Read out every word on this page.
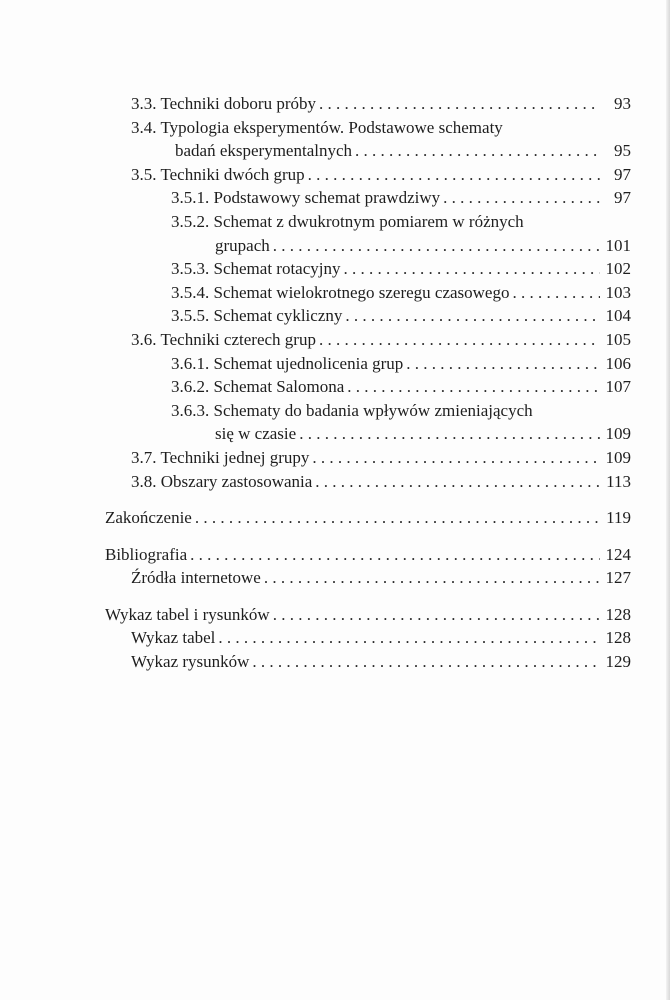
3.3. Techniki doboru próby . . .	93
3.4. Typologia eksperymentów. Podstawowe schematy
badań eksperymentalnych . . .	95
3.5. Techniki dwóch grup . . .	97
3.5.1. Podstawowy schemat prawdziwy . . .	97
3.5.2. Schemat z dwukrotnym pomiarem w różnych
grupach . . .	101
3.5.3. Schemat rotacyjny . . .	102
3.5.4. Schemat wielokrotnego szeregu czasowego . . .	103
3.5.5. Schemat cykliczny . . .	104
3.6. Techniki czterech grup . . .	105
3.6.1. Schemat ujednolicenia grup . . .	106
3.6.2. Schemat Salomona . . .	107
3.6.3. Schematy do badania wpływów zmieniających
się w czasie . . .	109
3.7. Techniki jednej grupy . . .	109
3.8. Obszary zastosowania . . .	113
Zakończenie . . .	119
Bibliografia . . .	124
Źródła internetowe . . .	127
Wykaz tabel i rysunków . . .	128
Wykaz tabel . . .	128
Wykaz rysunków . . .	129
